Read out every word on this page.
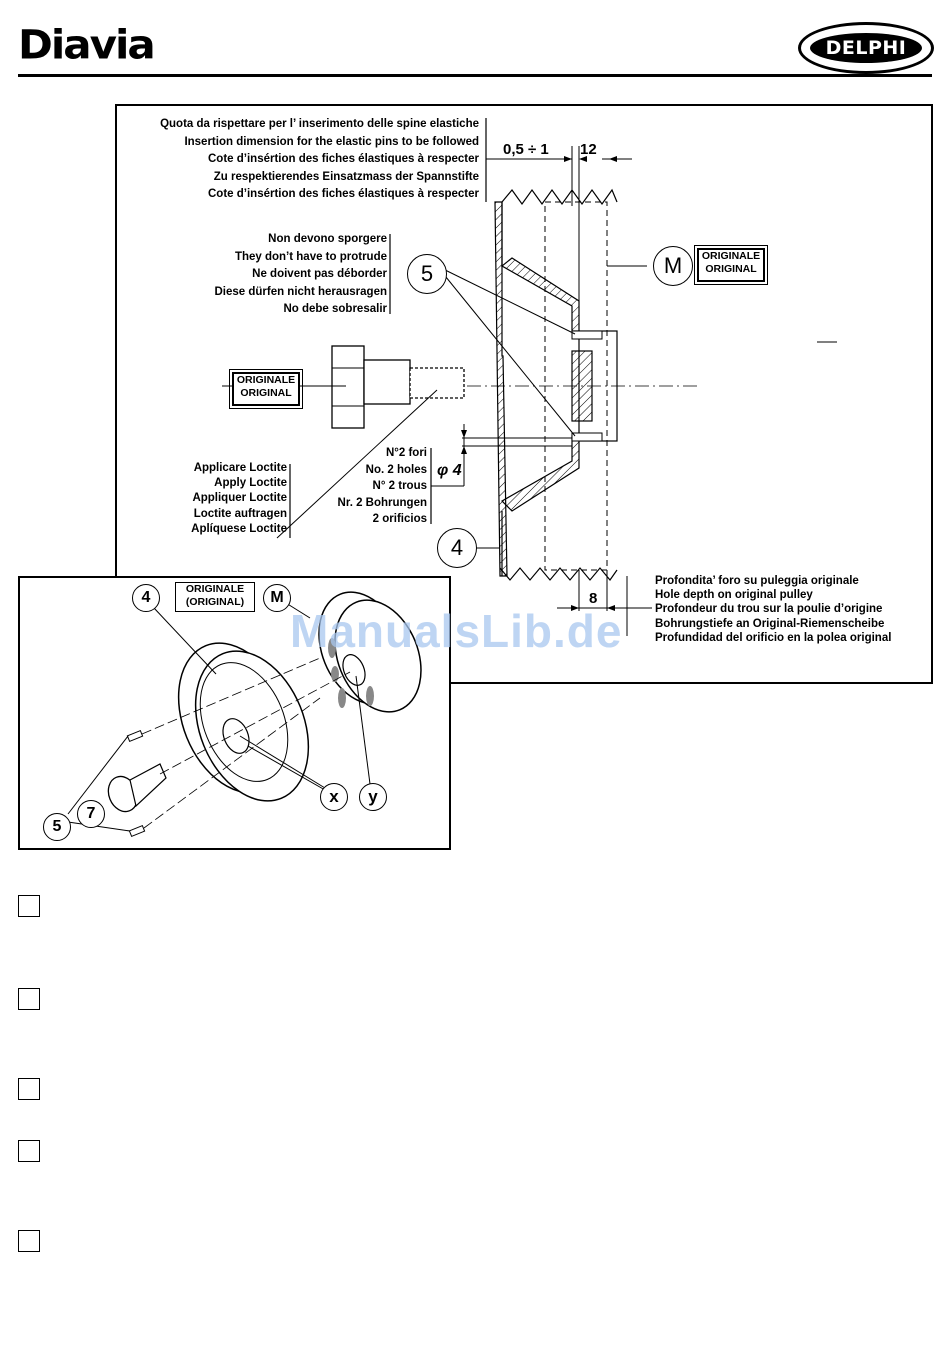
Diavia	DELPHI
Quota da rispettare per l’ inserimento delle spine elastiche
Insertion dimension for the elastic pins to be followed
Cote d’insértion des fiches élastiques à respecter
Zu respektierendes Einsatzmass der Spannstifte
Cote d’insértion des fiches élastiques à respecter
0,5 ÷ 1 12
Non devono sporgere
They don’t have to protrude
Ne doivent pas déborder
Diese dürfen nicht herausragen
No debe sobresalir
5	M	ORIGINALE
ORIGINAL
ORIGINALE
ORIGINAL
Applicare Loctite
Apply Loctite
Appliquer Loctite
Loctite auftragen
Aplíquese Loctite
N°2 fori
No. 2 holes
N° 2 trous
Nr. 2 Bohrungen
2 orificios
φ 4
4
8
Profondita’ foro su puleggia originale
Hole depth on original pulley
Profondeur du trou sur la poulie d’origine
Bohrungstiefe an Original-Riemenscheibe
Profundidad del orificio en la polea original
4	ORIGINALE
(ORIGINAL)	M
7
5
x	y
ManualsLib.de
